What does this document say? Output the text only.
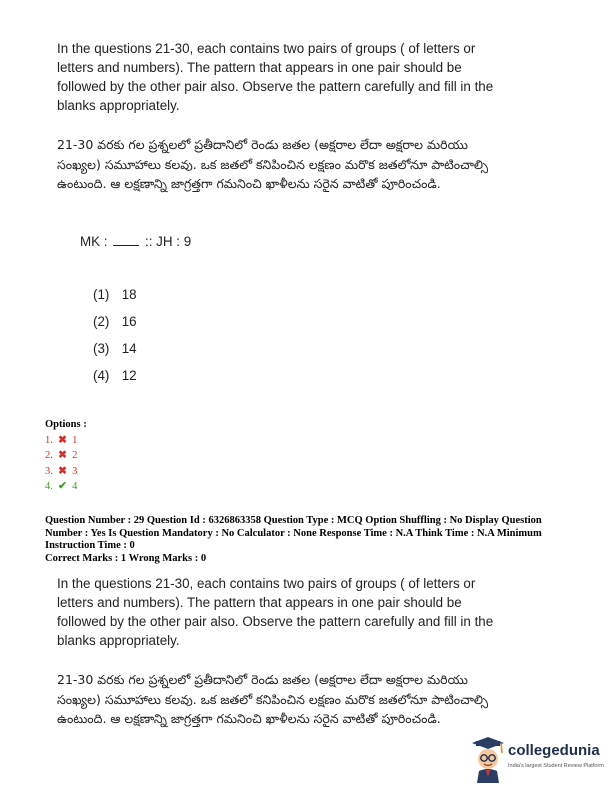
In the questions 21-30, each contains two pairs of groups ( of letters or letters and numbers). The pattern that appears in one pair should be followed by the other pair also. Observe the pattern carefully and fill in the blanks appropriately.
21-30 వరకు గల ప్రశ్నలలో ప్రతీదానిలో రెండు జతల (అక్షరాల లేదా అక్షరాల మరియు సంఖ్యల) సమూహాలు కలవు. ఒక జతలో కనిపించిన లక్షణం మరొక జతలోనూ పాటించాల్సి ఉంటుంది. ఆ లక్షణాన్ని జాగ్రత్తగా గమనించి ఖాళీలను సరైన వాటితో పూరించండి.
MK :	:: JH : 9
(1) 18
(2) 16
(3) 14
(4) 12
Options :
1. ✖ 1
2. ✖ 2
3. ✖ 3
4. ✔ 4
Question Number : 29 Question Id : 6326863358 Question Type : MCQ Option Shuffling : No Display Question Number : Yes Is Question Mandatory : No Calculator : None Response Time : N.A Think Time : N.A Minimum Instruction Time : 0
Correct Marks : 1 Wrong Marks : 0
In the questions 21-30, each contains two pairs of groups ( of letters or letters and numbers). The pattern that appears in one pair should be followed by the other pair also. Observe the pattern carefully and fill in the blanks appropriately.
21-30 వరకు గల ప్రశ్నలలో ప్రతీదానిలో రెండు జతల (అక్షరాల లేదా అక్షరాల మరియు సంఖ్యల) సమూహాలు కలవు. ఒక జతలో కనిపించిన లక్షణం మరొక జతలోనూ పాటించాల్సి ఉంటుంది. ఆ లక్షణాన్ని జాగ్రత్తగా గమనించి ఖాళీలను సరైన వాటితో పూరించండి.
collegedunia
India's largest Student Review Platform
